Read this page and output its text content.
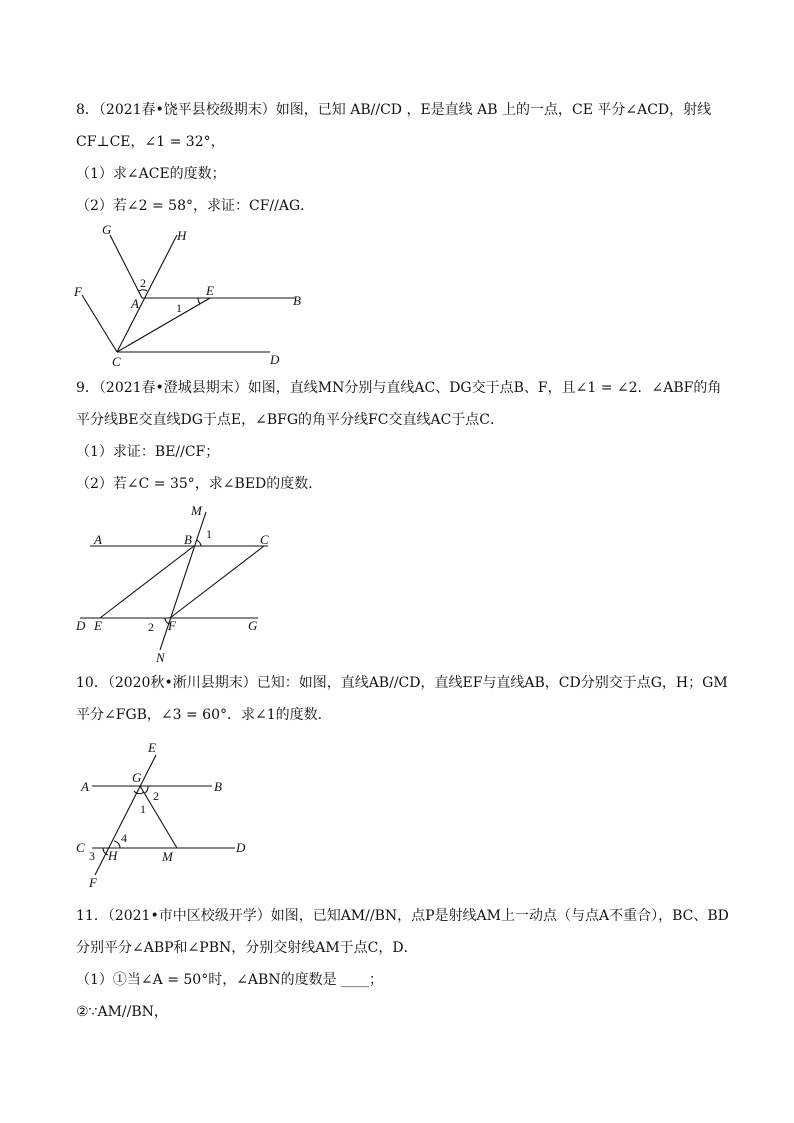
8．（2021春•饶平县校级期末）如图，已知 AB//CD ，E是直线 AB 上的一点，CE 平分∠ACD，射线
CF⊥CE，∠1 = 32°，
（1）求∠ACE的度数；
（2）若∠2 = 58°，求证：CF//AG．
G	H
F
A
E
B
C	D
1
2
9．（2021春•澄城县期末）如图，直线MN分别与直线AC、DG交于点B、F，且∠1 = ∠2．∠ABF的角
平分线BE交直线DG于点E，∠BFG的角平分线FC交直线AC于点C．
（1）求证：BE//CF；
（2）若∠C = 35°，求∠BED的度数．
M
1
A	B	C
D E	2 F	G
N
10．（2020秋•淅川县期末）已知：如图，直线AB//CD，直线EF与直线AB，CD分别交于点G，H；GM
平分∠FGB，∠3 = 60°．求∠1的度数．
E
A
G
B
2
1
C
4
3 H	M
D
F
11．（2021•市中区校级开学）如图，已知AM//BN，点P是射线AM上一动点（与点A不重合），BC、BD
分别平分∠ABP和∠PBN，分别交射线AM于点C，D．
（1）①当∠A = 50°时，∠ABN的度数是 ____；
②∵AM//BN，
